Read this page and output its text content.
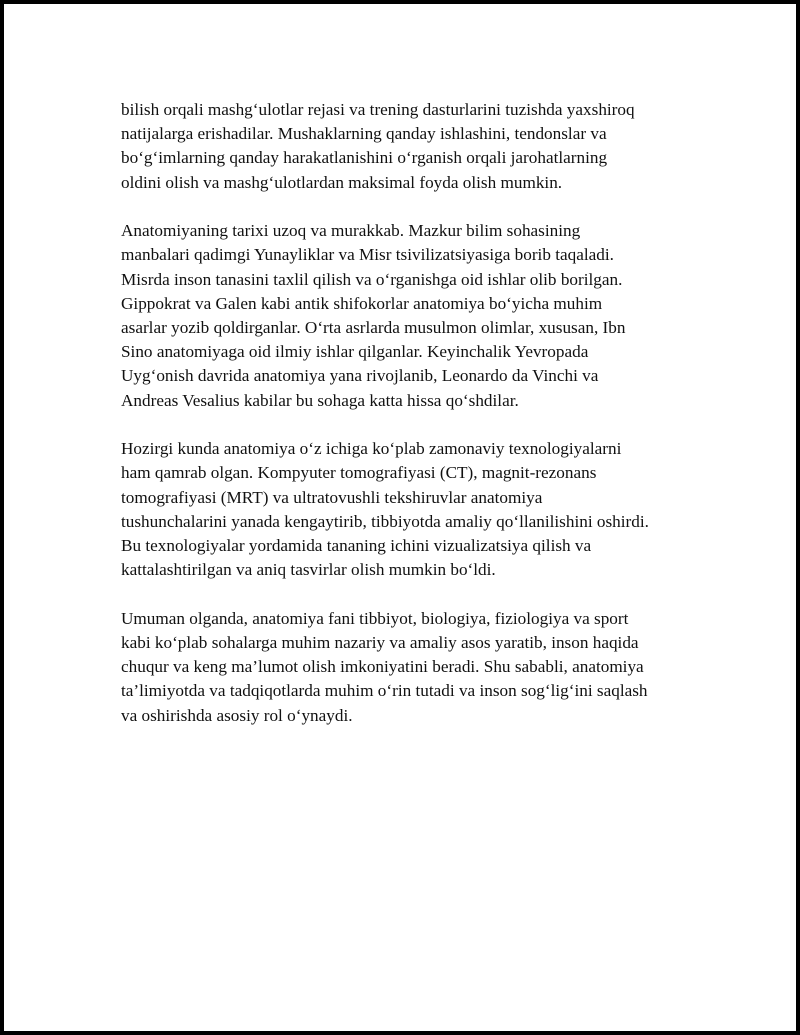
bilish orqali mashg‘ulotlar rejasi va trening dasturlarini tuzishda yaxshiroq
natijalarga erishadilar. Mushaklarning qanday ishlashini, tendonslar va
bo‘g‘imlarning qanday harakatlanishini o‘rganish orqali jarohatlarning
oldini olish va mashg‘ulotlardan maksimal foyda olish mumkin.

Anatomiyaning tarixi uzoq va murakkab. Mazkur bilim sohasining
manbalari qadimgi Yunayliklar va Misr tsivilizatsiyasiga borib taqaladi.
Misrda inson tanasini taxlil qilish va o‘rganishga oid ishlar olib borilgan.
Gippokrat va Galen kabi antik shifokorlar anatomiya bo‘yicha muhim
asarlar yozib qoldirganlar. O‘rta asrlarda musulmon olimlar, xususan, Ibn
Sino anatomiyaga oid ilmiy ishlar qilganlar. Keyinchalik Yevropada
Uyg‘onish davrida anatomiya yana rivojlanib, Leonardo da Vinchi va
Andreas Vesalius kabilar bu sohaga katta hissa qo‘shdilar.

Hozirgi kunda anatomiya o‘z ichiga ko‘plab zamonaviy texnologiyalarni
ham qamrab olgan. Kompyuter tomografiyasi (CT), magnit-rezonans
tomografiyasi (MRT) va ultratovushli tekshiruvlar anatomiya
tushunchalarini yanada kengaytirib, tibbiyotda amaliy qo‘llanilishini oshirdi.
Bu texnologiyalar yordamida tananing ichini vizualizatsiya qilish va
kattalashtirilgan va aniq tasvirlar olish mumkin bo‘ldi.

Umuman olganda, anatomiya fani tibbiyot, biologiya, fiziologiya va sport
kabi ko‘plab sohalarga muhim nazariy va amaliy asos yaratib, inson haqida
chuqur va keng ma’lumot olish imkoniyatini beradi. Shu sababli, anatomiya
ta’limiyotda va tadqiqotlarda muhim o‘rin tutadi va inson sog‘lig‘ini saqlash
va oshirishda asosiy rol o‘ynaydi.
